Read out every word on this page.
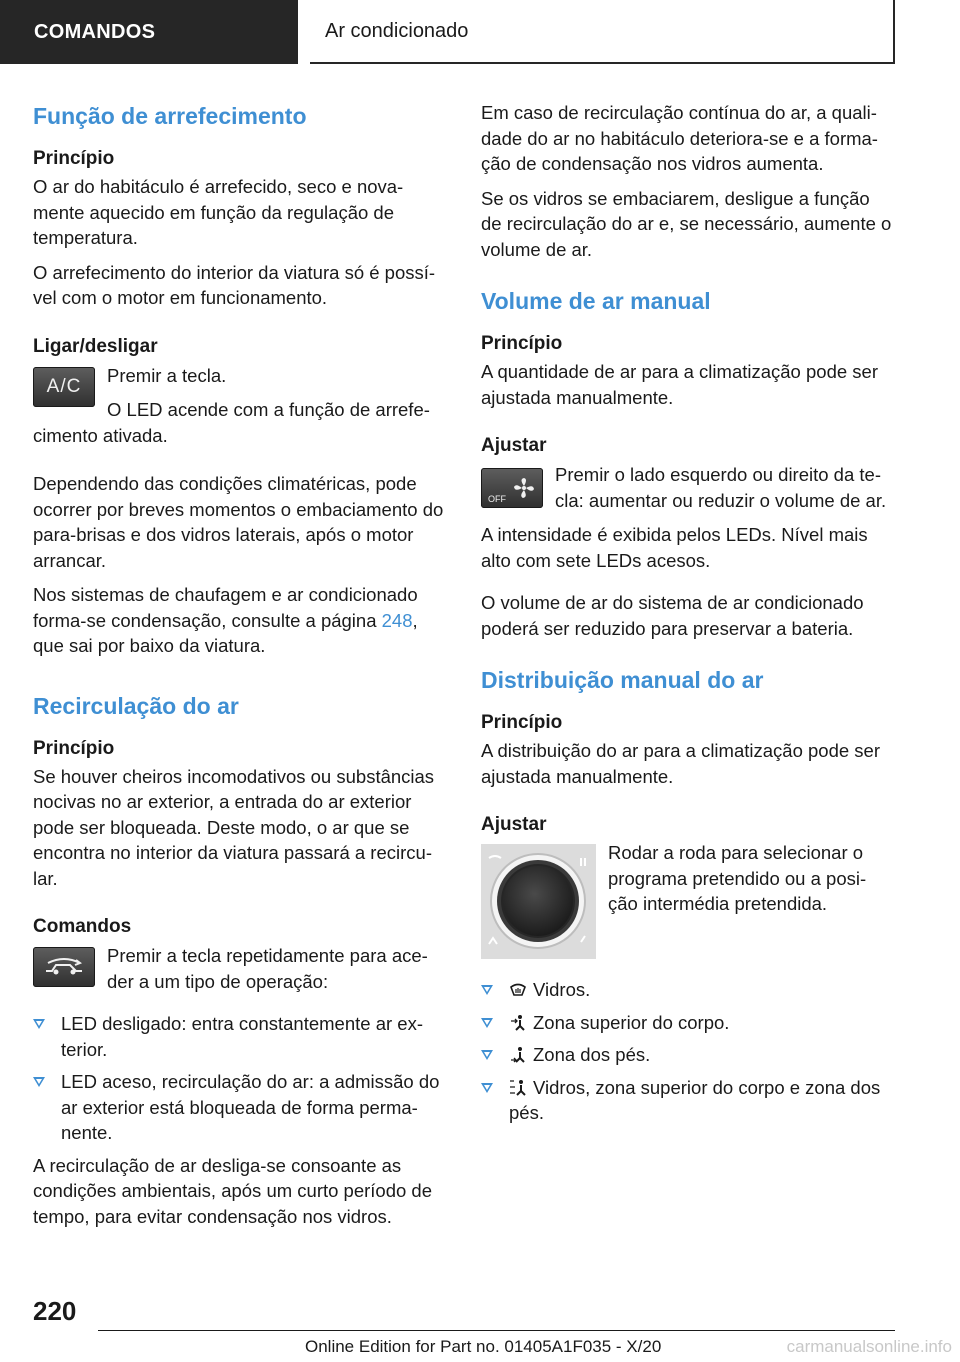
COMANDOS	Ar condicionado
Função de arrefecimento
Princípio

O ar do habitáculo é arrefecido, seco e nova-mente aquecido em função da regulação de temperatura.

O arrefecimento do interior da viatura só é possí-vel com o motor em funcionamento.

Ligar/desligar
A/C

Premir a tecla.

O LED acende com a função de arrefe-cimento ativada.

Dependendo das condições climatéricas, pode ocorrer por breves momentos o embaciamento do para-brisas e dos vidros laterais, após o motor arrancar.

Nos sistemas de chaufagem e ar condicionado forma-se condensação, consulte a página 248, que sai por baixo da viatura.

Recirculação do ar
Princípio

Se houver cheiros incomodativos ou substâncias nocivas no ar exterior, a entrada do ar exterior pode ser bloqueada. Deste modo, o ar que se encontra no interior da viatura passará a recircu-lar.

Comandos

Premir a tecla repetidamente para ace-der a um tipo de operação:

LED desligado: entra constantemente ar ex-terior.
LED aceso, recirculação do ar: a admissão do ar exterior está bloqueada de forma perma-nente.

A recirculação de ar desliga-se consoante as condições ambientais, após um curto período de tempo, para evitar condensação nos vidros.

Em caso de recirculação contínua do ar, a quali-dade do ar no habitáculo deteriora-se e a forma-ção de condensação nos vidros aumenta.

Se os vidros se embaciarem, desligue a função de recirculação do ar e, se necessário, aumente o volume de ar.

Volume de ar manual
Princípio

A quantidade de ar para a climatização pode ser ajustada manualmente.

Ajustar
OFF

Premir o lado esquerdo ou direito da te-cla: aumentar ou reduzir o volume de ar.

A intensidade é exibida pelos LEDs. Nível mais alto com sete LEDs acesos.

O volume de ar do sistema de ar condicionado poderá ser reduzido para preservar a bateria.

Distribuição manual do ar
Princípio

A distribuição do ar para a climatização pode ser ajustada manualmente.

Ajustar

Rodar a roda para selecionar o programa pretendido ou a posi-ção intermédia pretendida.

Vidros.
Zona superior do corpo.
Zona dos pés.
Vidros, zona superior do corpo e zona dos pés.
220
Online Edition for Part no. 01405A1F035 - X/20	carmanualsonline.info
